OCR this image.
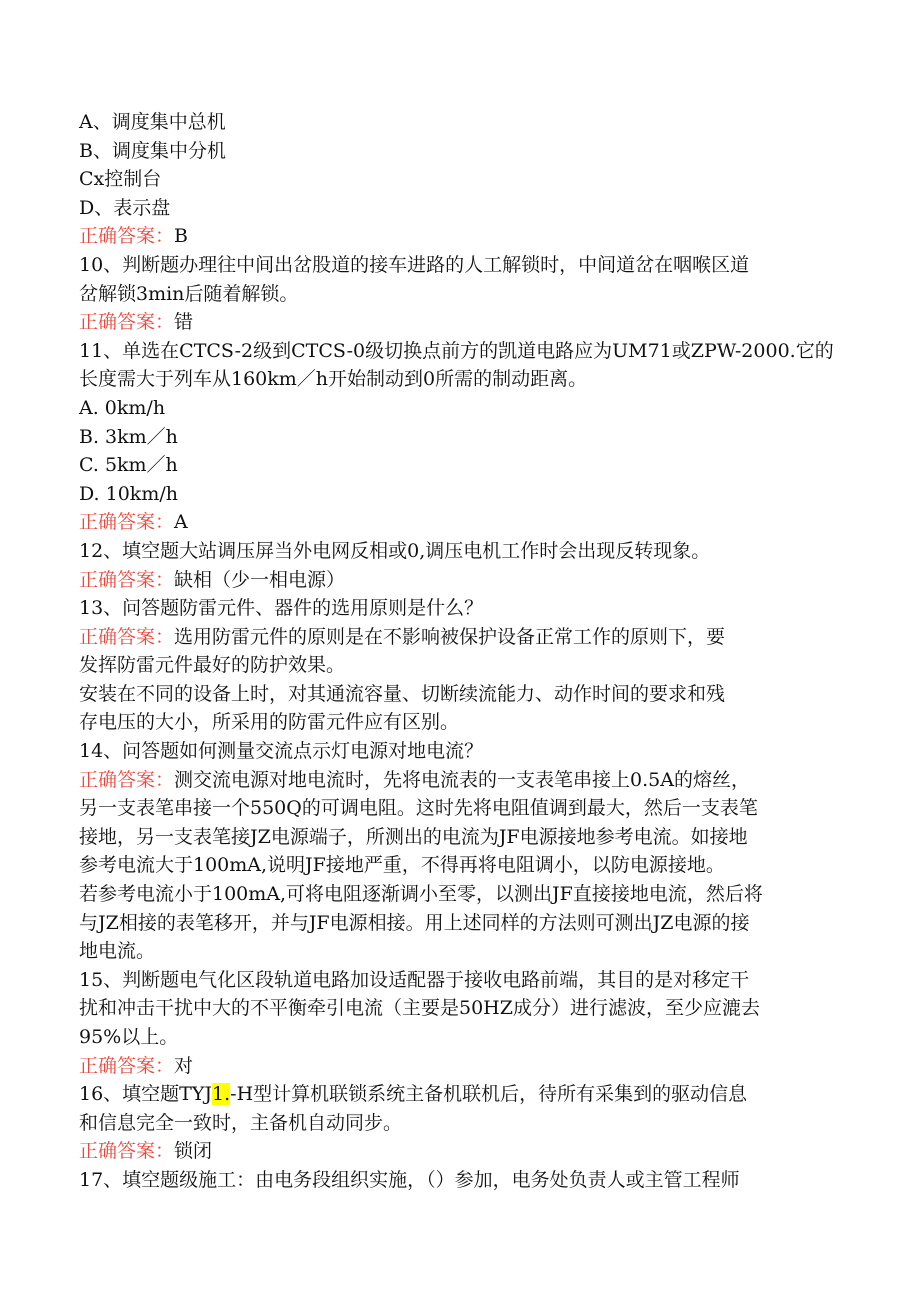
A、调度集中总机
B、调度集中分机
Cx控制台
D、表示盘
正确答案：B
10、判断题办理往中间出岔股道的接车进路的人工解锁时，中间道岔在咽喉区道
岔解锁3min后随着解锁。
正确答案：错
11、单选在CTCS-2级到CTCS-0级切换点前方的凯道电路应为UM71或ZPW-2000.它的
长度需大于列车从160km／h开始制动到0所需的制动距离。
A. 0km/h
B. 3km／h
C. 5km／h
D. 10km/h
正确答案：A
12、填空题大站调压屏当外电网反相或0,调压电机工作时会出现反转现象。
正确答案：缺相（少一相电源）
13、问答题防雷元件、器件的选用原则是什么？
正确答案：选用防雷元件的原则是在不影响被保护设备正常工作的原则下，要
发挥防雷元件最好的防护效果。
安装在不同的设备上时，对其通流容量、切断续流能力、动作时间的要求和残
存电压的大小，所采用的防雷元件应有区别。
14、问答题如何测量交流点示灯电源对地电流？
正确答案：测交流电源对地电流时，先将电流表的一支表笔串接上0.5A的熔丝，
另一支表笔串接一个550Q的可调电阻。这时先将电阻值调到最大，然后一支表笔
接地，另一支表笔接JZ电源端子，所测出的电流为JF电源接地参考电流。如接地
参考电流大于100mA,说明JF接地严重，不得再将电阻调小，以防电源接地。
若参考电流小于100mA,可将电阻逐渐调小至零，以测出JF直接接地电流，然后将
与JZ相接的表笔移开，并与JF电源相接。用上述同样的方法则可测出JZ电源的接
地电流。
15、判断题电气化区段轨道电路加设适配器于接收电路前端，其目的是对移定干
扰和冲击干扰中大的不平衡牵引电流（主要是50HZ成分）进行滤波，至少应漉去
95%以上。
正确答案：对
16、填空题TYJ1.-H型计算机联锁系统主备机联机后，待所有采集到的驱动信息
和信息完全一致时，主备机自动同步。
正确答案：锁闭
17、填空题级施工：由电务段组织实施，（）参加，电务处负责人或主管工程师
